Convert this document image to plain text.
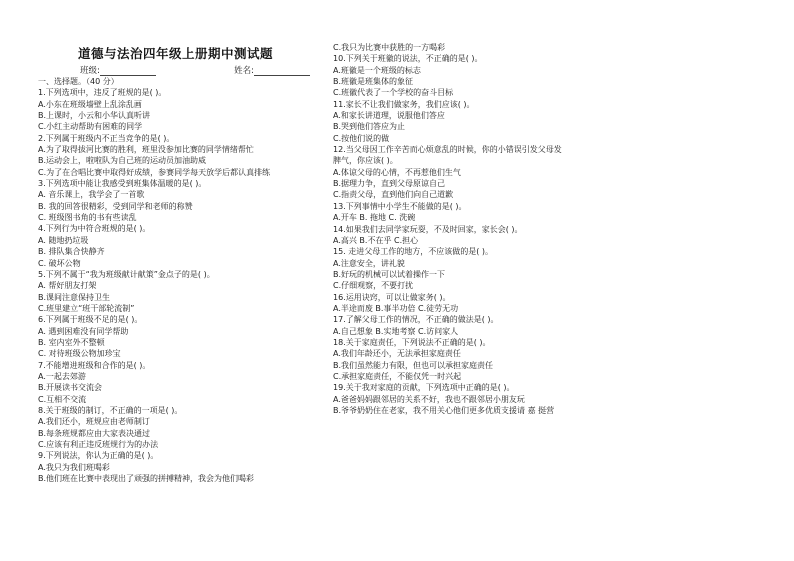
道德与法治四年级上册期中测试题
班级:	姓名:
一、选择题。（40 分）
1.下列选项中，违反了班规的是( )。
A.小东在班级墙壁上乱涂乱画
B.上课时，小云和小华认真听讲
C.小红主动帮助有困难的同学
2.下列属于班级内不正当竞争的是( )。
A.为了取得拔河比赛的胜利，班里没参加比赛的同学情绪帮忙
B.运动会上，啦啦队为自己班的运动员加油助威
C.为了在合唱比赛中取得好成绩，参赛同学每天放学后都认真排练
3.下列选项中能让我感受到班集体温暖的是( )。
A. 音乐课上，我学会了一首歌
B. 我的回答很精彩，受到同学和老师的称赞
C. 班级图书角的书有些读乱
4.下列行为中符合班规的是( )。
A. 随地扔垃圾
B. 排队集合快静齐
C. 破坏公物
5.下列不属于“我为班级献计献策”金点子的是( )。
A. 帮好朋友打架
B.课间注意保持卫生
C.班里建立“班干部轮流制”
6.下列属于班级不足的是( )。
A. 遇到困难没有同学帮助
B. 室内室外不整顿
C. 对待班级公物加珍宝
7.不能增进班级和合作的是( )。
A.一起去郊游
B.开展读书交流会
C.互相不交流
8.关于班级的制订，不正确的一项是( )。
A.我们还小，班规应由老师制订
B.每条班规都应由大家表决通过
C.应该有利正违反班规行为的办法
9.下列说法，你认为正确的是( )。
A.我只为我们班喝彩
B.他们班在比赛中表现出了顽强的拼搏精神，我会为他们喝彩
C.我只为比赛中获胜的一方喝彩
10.下列关于班徽的说法，不正确的是( )。
A.班徽是一个班级的标志
B.班徽是班集体的象征
C.班徽代表了一个学校的奋斗目标
11.家长不让我们做家务，我们应该( )。
A.和家长讲道理，说服他们答应
B.哭到他们答应为止
C.按他们说的做
12.当父母因工作辛苦而心烦意乱的时候，你的小错误引发父母发
脾气，你应该( )。
A.体谅父母的心情，不再惹他们生气
B.据理力争，直到父母原谅自己
C.指责父母，直到他们向自己道歉
13.下列事情中小学生不能做的是( )。
A.开车 B. 拖地 C. 洗碗
14.如果我们去同学家玩耍，不及时回家，家长会( )。
A.高兴 B.不在乎 C.担心
15. 走进父母工作的地方，不应该做的是( )。
A.注意安全，讲礼貌
B.好玩的机械可以试着操作一下
C.仔细观察，不要打扰
16.运用诀窍，可以让做家务( )。
A.半途而废 B.事半功倍 C.徒劳无功
17.了解父母工作的情况，不正确的做法是( )。
A.自己想象 B.实地考察 C.访问家人
18.关于家庭责任，下列说法不正确的是( )。
A.我们年龄还小，无法承担家庭责任
B.我们虽然能力有限，但也可以承担家庭责任
C.承担家庭责任，不能仅凭一时兴起
19.关于我对家庭的贡献，下列选项中正确的是( )。
A.爸爸妈妈跟邻居的关系不好，我也不跟邻居小朋友玩
B.爷爷奶奶住在老家，我不用关心他们更多优质支援请 嘉 挺营
